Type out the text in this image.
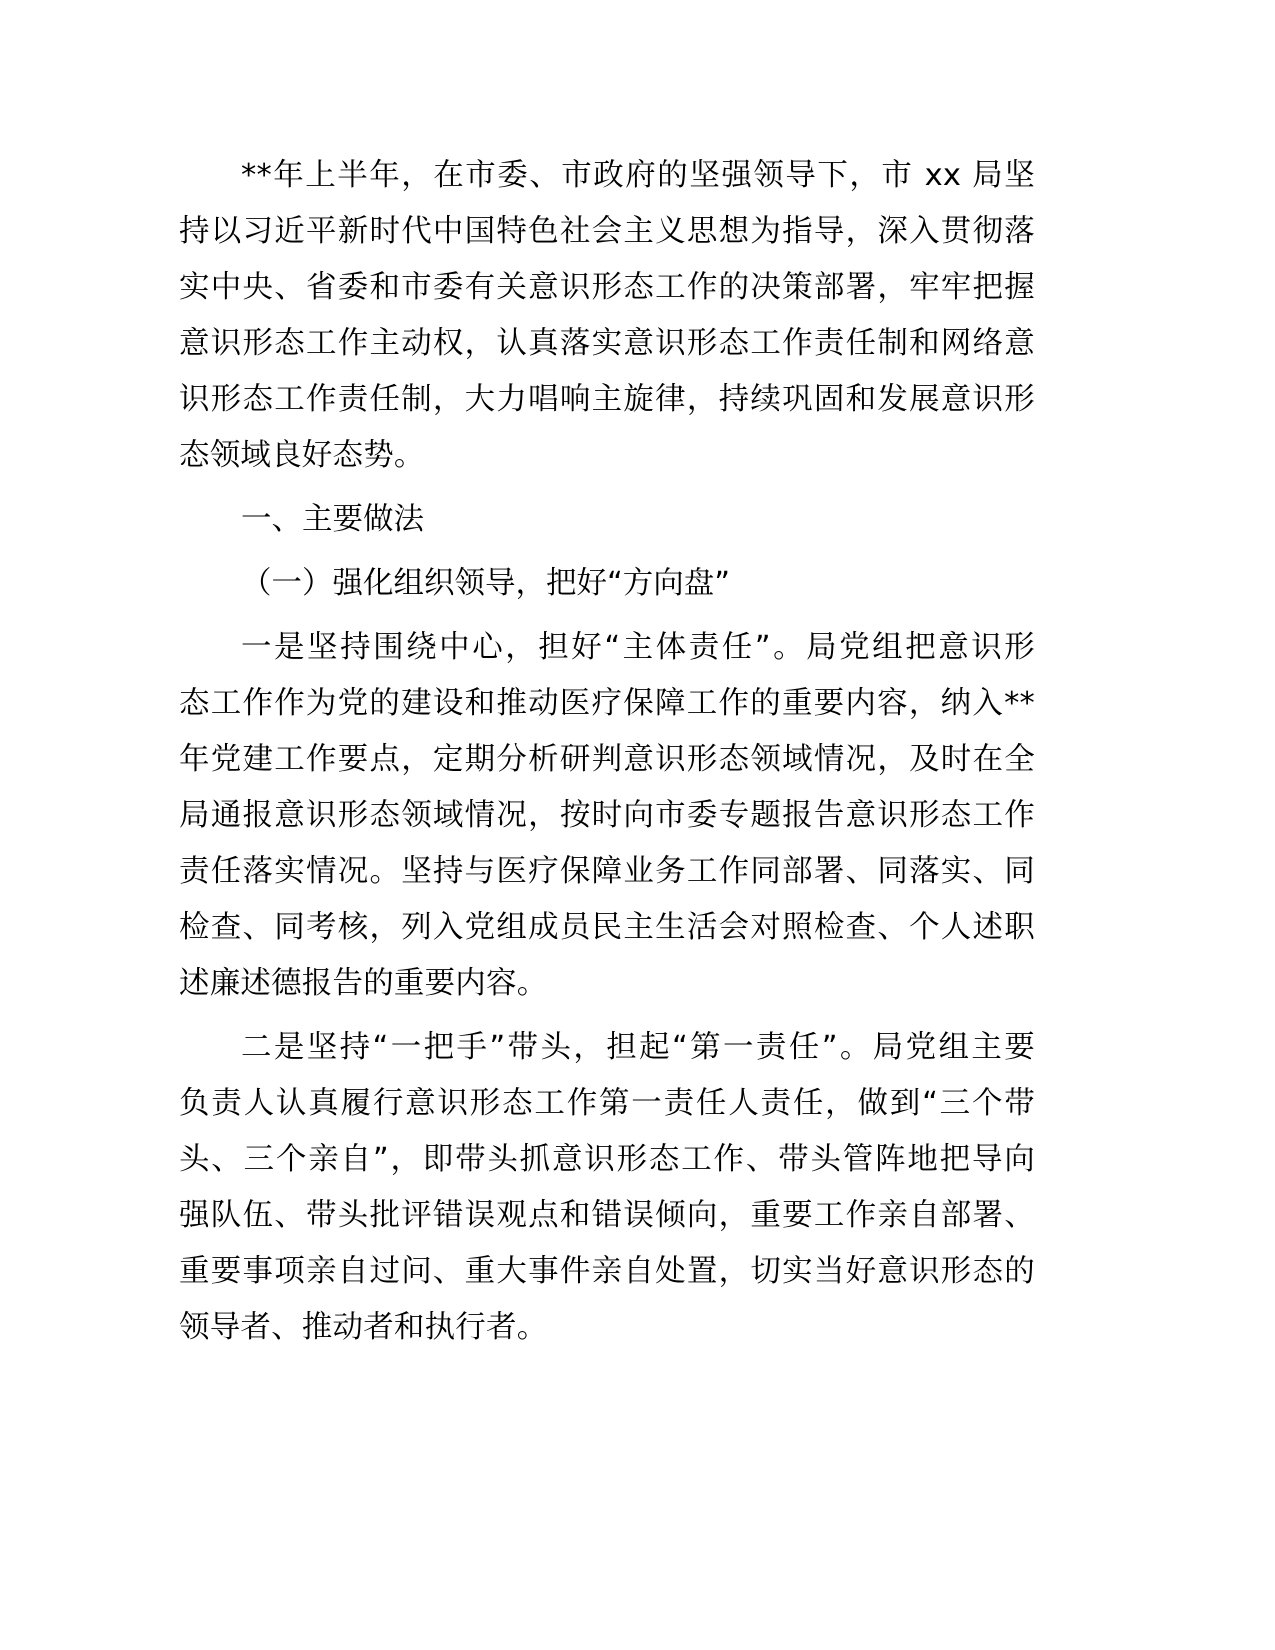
**年上半年，在市委、市政府的坚强领导下，市 xx 局坚
持以习近平新时代中国特色社会主义思想为指导，深入贯彻落
实中央、省委和市委有关意识形态工作的决策部署，牢牢把握
意识形态工作主动权，认真落实意识形态工作责任制和网络意
识形态工作责任制，大力唱响主旋律，持续巩固和发展意识形
态领域良好态势。

一、主要做法
（一）强化组织领导，把好“方向盘”

一是坚持围绕中心，担好“主体责任”。局党组把意识形
态工作作为党的建设和推动医疗保障工作的重要内容，纳入**
年党建工作要点，定期分析研判意识形态领域情况，及时在全
局通报意识形态领域情况，按时向市委专题报告意识形态工作
责任落实情况。坚持与医疗保障业务工作同部署、同落实、同
检查、同考核，列入党组成员民主生活会对照检查、个人述职
述廉述德报告的重要内容。

二是坚持“一把手”带头，担起“第一责任”。局党组主要
负责人认真履行意识形态工作第一责任人责任，做到“三个带
头、三个亲自”，即带头抓意识形态工作、带头管阵地把导向
强队伍、带头批评错误观点和错误倾向，重要工作亲自部署、
重要事项亲自过问、重大事件亲自处置，切实当好意识形态的
领导者、推动者和执行者。
